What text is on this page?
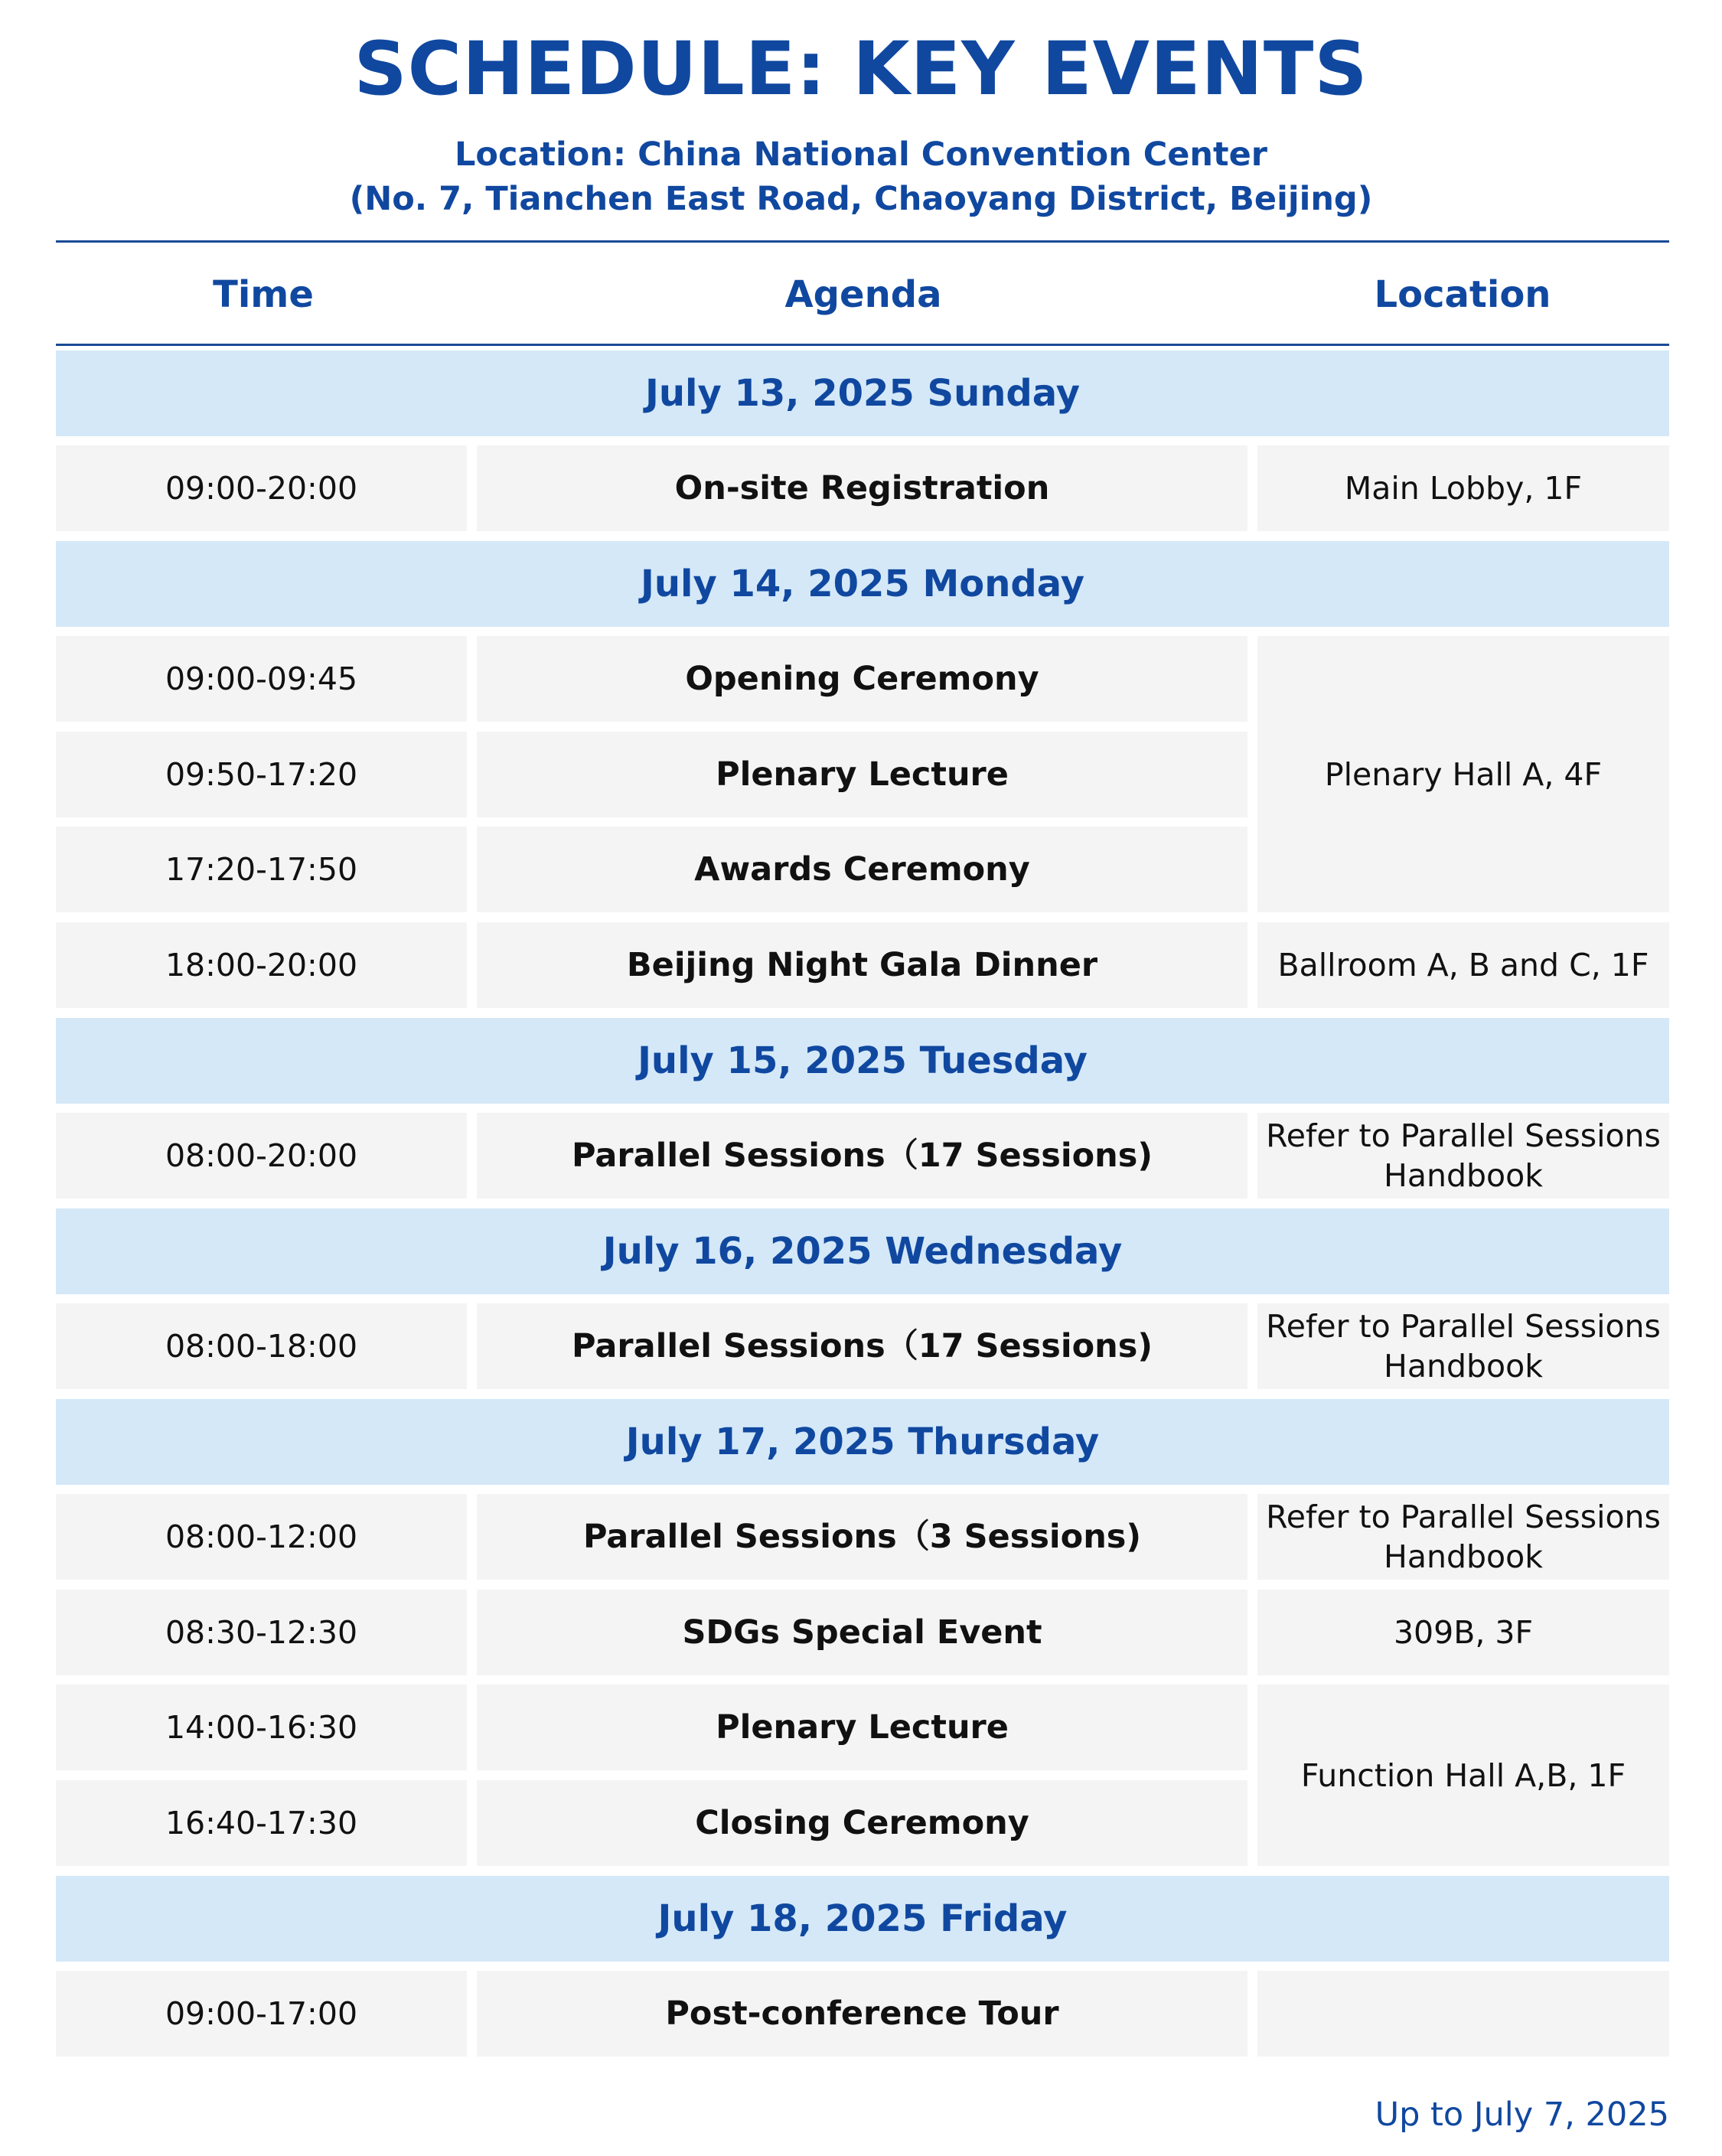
SCHEDULE: KEY EVENTS
Location: China National Convention Center
(No. 7, Tianchen East Road, Chaoyang District, Beijing)
Time	Agenda	Location
July 13, 2025 Sunday
09:00-20:00	On-site Registration	Main Lobby, 1F
July 14, 2025 Monday
09:00-09:45	Opening Ceremony
09:50-17:20	Plenary Lecture
17:20-17:50	Awards Ceremony
Plenary Hall A, 4F
18:00-20:00	Beijing Night Gala Dinner	Ballroom A, B and C, 1F
July 15, 2025 Tuesday
08:00-20:00	Parallel Sessions（17 Sessions)
Refer to Parallel Sessions
Handbook
July 16, 2025 Wednesday
08:00-18:00	Parallel Sessions（17 Sessions)
Refer to Parallel Sessions
Handbook
July 17, 2025 Thursday
08:00-12:00	Parallel Sessions（3 Sessions)
Refer to Parallel Sessions
Handbook
08:30-12:30	SDGs Special Event	309B, 3F
14:00-16:30	Plenary Lecture
16:40-17:30	Closing Ceremony
Function Hall A,B, 1F
July 18, 2025 Friday
09:00-17:00	Post-conference Tour
Up to July 7, 2025
